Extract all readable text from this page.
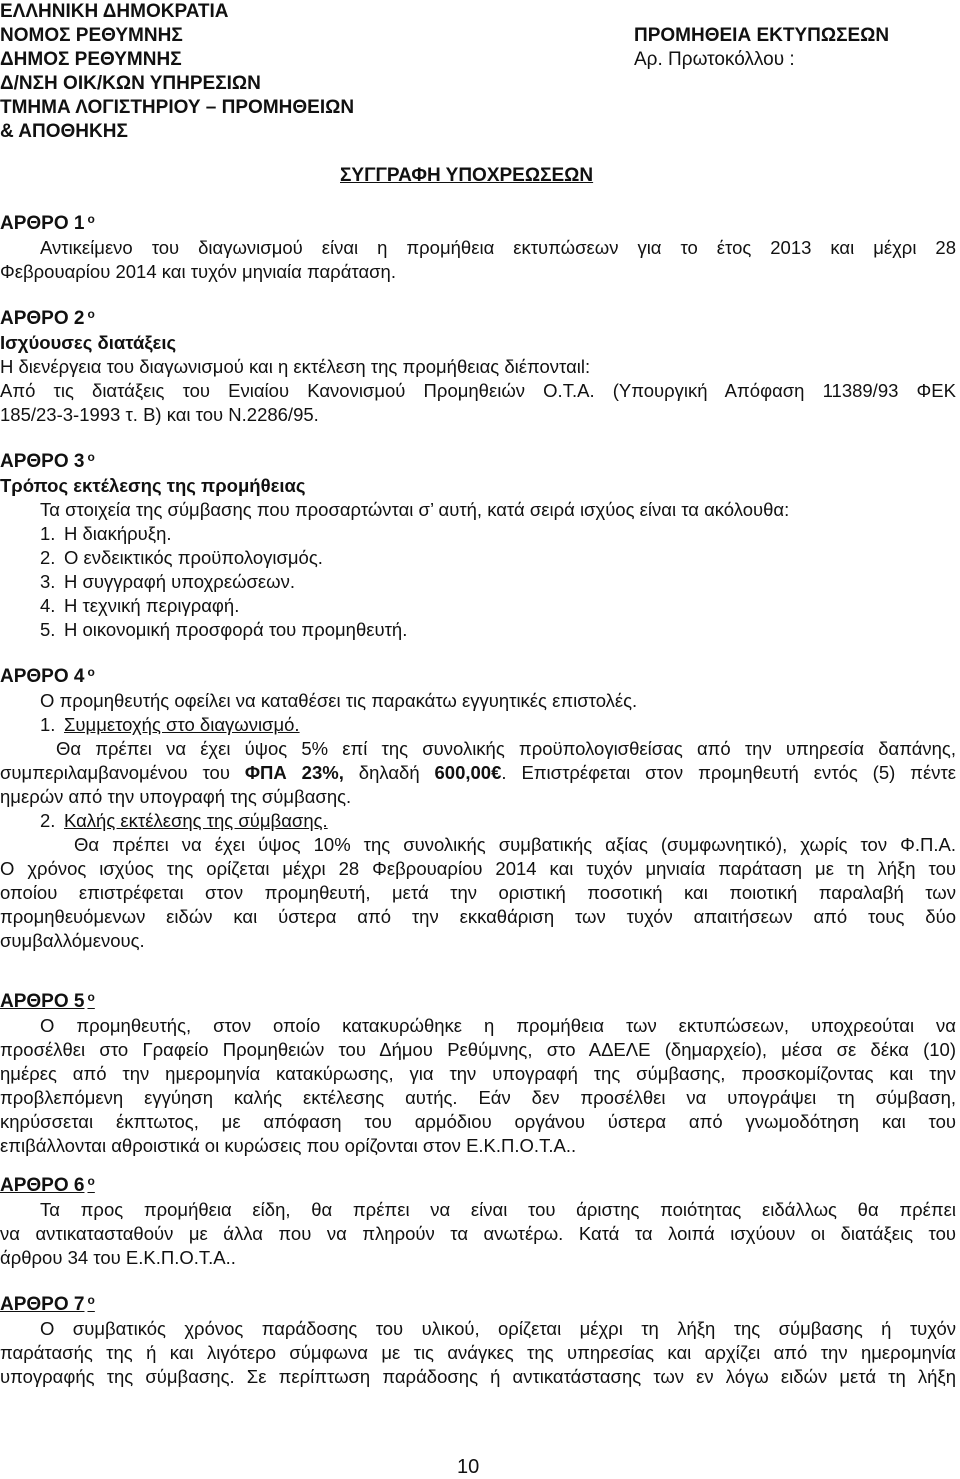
ΕΛΛΗΝΙΚΗ ΔΗΜΟΚΡΑΤΙΑ
ΝΟΜΟΣ ΡΕΘΥΜΝΗΣ
ΔΗΜΟΣ ΡΕΘΥΜΝΗΣ
Δ/ΝΣΗ ΟΙΚ/ΚΩΝ ΥΠΗΡΕΣΙΩΝ
ΤΜΗΜΑ ΛΟΓΙΣΤΗΡΙΟΥ – ΠΡΟΜΗΘΕΙΩΝ
& ΑΠΟΘΗΚΗΣ
ΠΡΟΜΗΘΕΙΑ ΕΚΤΥΠΩΣΕΩΝ
Αρ. Πρωτοκόλλου :
ΣΥΓΓΡΑΦΗ ΥΠΟΧΡΕΩΣΕΩΝ
ΑΡΘΡΟ 1 $^o$
Αντικείμενο του διαγωνισμού είναι η προμήθεια εκτυπώσεων για το έτος 2013 και μέχρι 28
Φεβρουαρίου 2014 και τυχόν μηνιαία παράταση.
ΑΡΘΡΟ 2 $^o$
Ισχύουσες διατάξεις
Η διενέργεια του διαγωνισμού και η εκτέλεση της προμήθειας διέπονταιl:
Από τις διατάξεις του Ενιαίου Κανονισμού Προμηθειών Ο.Τ.Α. (Υπουργική Απόφαση 11389/93 ΦΕΚ
185/23-3-1993 τ. Β) και του Ν.2286/95.
ΑΡΘΡΟ 3 $^o$
Τρόπος εκτέλεσης της προμήθειας
Τα στοιχεία της σύμβασης που προσαρτώνται σ’ αυτή, κατά σειρά ισχύος είναι τα ακόλουθα:
1. Η διακήρυξη.
2. Ο ενδεικτικός προϋπολογισμός.
3. Η συγγραφή υποχρεώσεων.
4. Η τεχνική περιγραφή.
5. Η οικονομική προσφορά του προμηθευτή.
ΑΡΘΡΟ 4 $^o$
Ο προμηθευτής οφείλει να καταθέσει τις παρακάτω εγγυητικές επιστολές.
1. Συμμετοχής στο διαγωνισμό.
Θα πρέπει να έχει ύψος 5% επί της συνολικής προϋπολογισθείσας από την υπηρεσία δαπάνης,
συμπεριλαμβανομένου του ΦΠΑ 23%, δηλαδή 600,00€. Επιστρέφεται στον προμηθευτή εντός (5) πέντε
ημερών από την υπογραφή της σύμβασης.
2. Καλής εκτέλεσης της σύμβασης.
Θα πρέπει να έχει ύψος 10% της συνολικής συμβατικής αξίας (συμφωνητικό), χωρίς τον Φ.Π.Α.
Ο χρόνος ισχύος της ορίζεται μέχρι 28 Φεβρουαρίου 2014 και τυχόν μηνιαία παράταση με τη λήξη του
οποίου επιστρέφεται στον προμηθευτή, μετά την οριστική ποσοτική και ποιοτική παραλαβή των
προμηθευόμενων ειδών και ύστερα από την εκκαθάριση των τυχόν απαιτήσεων από τους δύο
συμβαλλόμενους.
ΑΡΘΡΟ 5 $^o$
Ο προμηθευτής, στον οποίο κατακυρώθηκε η προμήθεια των εκτυπώσεων, υποχρεούται να
προσέλθει στο Γραφείο Προμηθειών του Δήμου Ρεθύμνης, στο ΑΔΕΛΕ (δημαρχείο), μέσα σε δέκα (10)
ημέρες από την ημερομηνία κατακύρωσης, για την υπογραφή της σύμβασης, προσκομίζοντας και την
προβλεπόμενη εγγύηση καλής εκτέλεσης αυτής. Εάν δεν προσέλθει να υπογράψει τη σύμβαση,
κηρύσσεται έκπτωτος, με απόφαση του αρμόδιου οργάνου ύστερα από γνωμοδότηση και του
επιβάλλονται αθροιστικά οι κυρώσεις που ορίζονται στον Ε.Κ.Π.Ο.Τ.Α..
ΑΡΘΡΟ 6 $^o$
Τα προς προμήθεια είδη, θα πρέπει να είναι του άριστης ποιότητας ειδάλλως θα πρέπει
να αντικατασταθούν με άλλα που να πληρούν τα ανωτέρω. Κατά τα λοιπά ισχύουν οι διατάξεις του
άρθρου 34 του Ε.Κ.Π.Ο.Τ.Α..
ΑΡΘΡΟ 7 $^o$
Ο συμβατικός χρόνος παράδοσης του υλικού, ορίζεται μέχρι τη λήξη της σύμβασης ή τυχόν
παράτασής της ή και λιγότερο σύμφωνα με τις ανάγκες της υπηρεσίας και αρχίζει από την ημερομηνία
υπογραφής της σύμβασης. Σε περίπτωση παράδοσης ή αντικατάστασης των εν λόγω ειδών μετά τη λήξη
10
